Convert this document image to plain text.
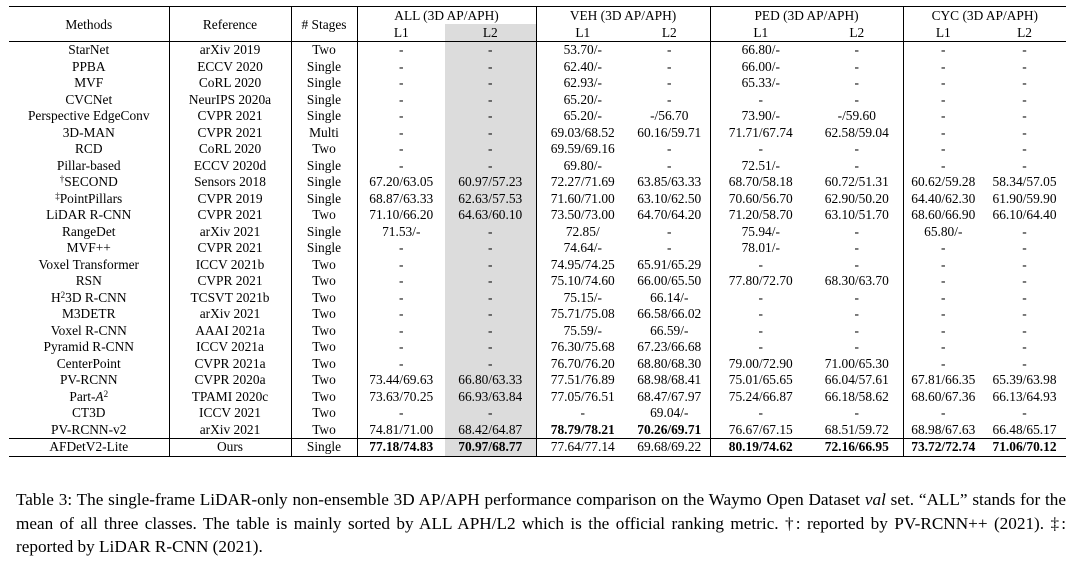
Methods	Reference	# Stages	ALL (3D AP/APH)		VEH (3D AP/APH)		PED (3D AP/APH)		CYC (3D AP/APH)	
			L1	L2	L1	L2	L1	L2	L1	L2
StarNet	arXiv 2019	Two	-	-	53.70/-	-	66.80/-	-	-	-
PPBA	ECCV 2020	Single	-	-	62.40/-	-	66.00/-	-	-	-
MVF	CoRL 2020	Single	-	-	62.93/-	-	65.33/-	-	-	-
CVCNet	NeurIPS 2020a	Single	-	-	65.20/-	-	-	-	-	-
Perspective EdgeConv	CVPR 2021	Single	-	-	65.20/-	-/56.70	73.90/-	-/59.60	-	-
3D-MAN	CVPR 2021	Multi	-	-	69.03/68.52	60.16/59.71	71.71/67.74	62.58/59.04	-	-
RCD	CoRL 2020	Two	-	-	69.59/69.16	-	-	-	-	-
Pillar-based	ECCV 2020d	Single	-	-	69.80/-	-	72.51/-	-	-	-
†SECOND	Sensors 2018	Single	67.20/63.05	60.97/57.23	72.27/71.69	63.85/63.33	68.70/58.18	60.72/51.31	60.62/59.28	58.34/57.05
‡PointPillars	CVPR 2019	Single	68.87/63.33	62.63/57.53	71.60/71.00	63.10/62.50	70.60/56.70	62.90/50.20	64.40/62.30	61.90/59.90
LiDAR R-CNN	CVPR 2021	Two	71.10/66.20	64.63/60.10	73.50/73.00	64.70/64.20	71.20/58.70	63.10/51.70	68.60/66.90	66.10/64.40
RangeDet	arXiv 2021	Single	71.53/-	-	72.85/	-	75.94/-	-	65.80/-	-
MVF++	CVPR 2021	Single	-	-	74.64/-	-	78.01/-	-	-	-
Voxel Transformer	ICCV 2021b	Two	-	-	74.95/74.25	65.91/65.29	-	-	-	-
RSN	CVPR 2021	Two	-	-	75.10/74.60	66.00/65.50	77.80/72.70	68.30/63.70	-	-
$H^23D$ R-CNN	TCSVT 2021b	Two	-	-	75.15/-	66.14/-	-	-	-	-
M3DETR	arXiv 2021	Two	-	-	75.71/75.08	66.58/66.02	-	-	-	-
Voxel R-CNN	AAAI 2021a	Two	-	-	75.59/-	66.59/-	-	-	-	-
Pyramid R-CNN	ICCV 2021a	Two	-	-	76.30/75.68	67.23/66.68	-	-	-	-
CenterPoint	CVPR 2021a	Two	-	-	76.70/76.20	68.80/68.30	79.00/72.90	71.00/65.30	-	-
PV-RCNN	CVPR 2020a	Two	73.44/69.63	66.80/63.33	77.51/76.89	68.98/68.41	75.01/65.65	66.04/57.61	67.81/66.35	65.39/63.98
Part-$A^2$	TPAMI 2020c	Two	73.63/70.25	66.93/63.84	77.05/76.51	68.47/67.97	75.24/66.87	66.18/58.62	68.60/67.36	66.13/64.93
CT3D	ICCV 2021	Two	-	-	-	69.04/-	-	-	-	-
PV-RCNN-v2	arXiv 2021	Two	74.81/71.00	68.42/64.87	78.79/78.21	70.26/69.71	76.67/67.15	68.51/59.72	68.98/67.63	66.48/65.17
AFDetV2-Lite	Ours	Single	77.18/74.83	70.97/68.77	77.64/77.14	69.68/69.22	80.19/74.62	72.16/66.95	73.72/72.74	71.06/70.12
Table 3: The single-frame LiDAR-only non-ensemble 3D AP/APH performance comparison on the Waymo Open Dataset val set. “ALL” stands for the mean of all three classes. The table is mainly sorted by ALL APH/L2 which is the official ranking metric. †: reported by PV-RCNN++ (2021). ‡: reported by LiDAR R-CNN (2021).
